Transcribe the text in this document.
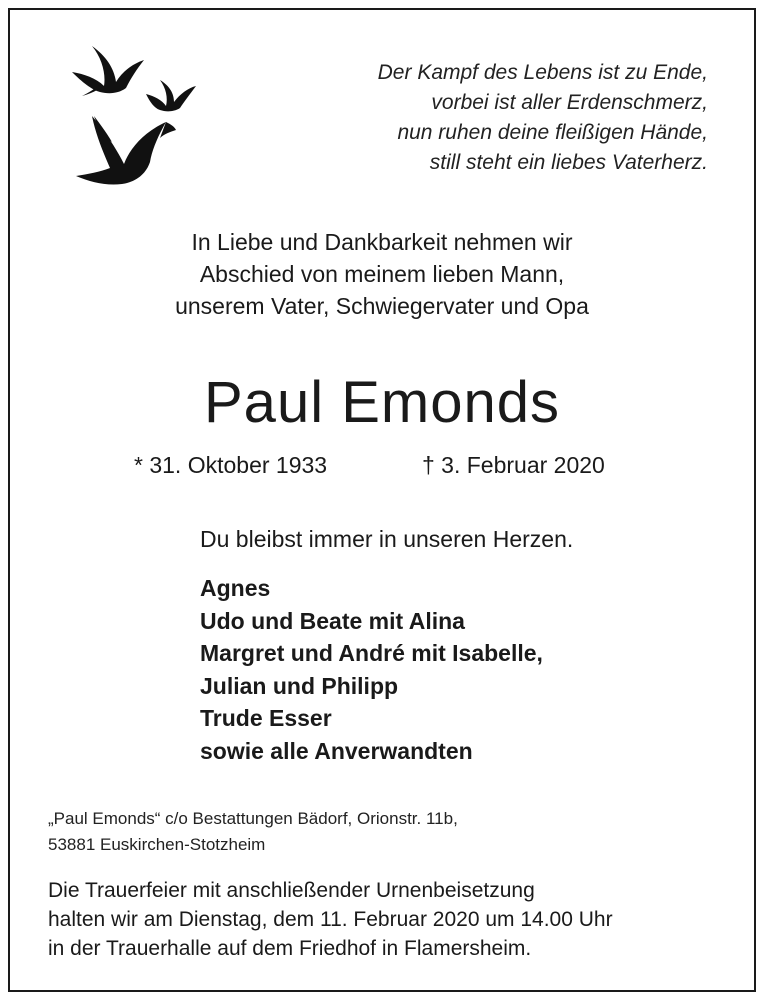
Der Kampf des Lebens ist zu Ende,
vorbei ist aller Erdenschmerz,
nun ruhen deine fleißigen Hände,
still steht ein liebes Vaterherz.
In Liebe und Dankbarkeit nehmen wir
Abschied von meinem lieben Mann,
unserem Vater, Schwiegervater und Opa
Paul Emonds
* 31. Oktober 1933	† 3. Februar 2020
Du bleibst immer in unseren Herzen.
Agnes
Udo und Beate mit Alina
Margret und André mit Isabelle,
Julian und Philipp
Trude Esser
sowie alle Anverwandten
„Paul Emonds“ c/o Bestattungen Bädorf, Orionstr. 11b,
53881 Euskirchen-Stotzheim
Die Trauerfeier mit anschließender Urnenbeisetzung
halten wir am Dienstag, dem 11. Februar 2020 um 14.00 Uhr
in der Trauerhalle auf dem Friedhof in Flamersheim.
